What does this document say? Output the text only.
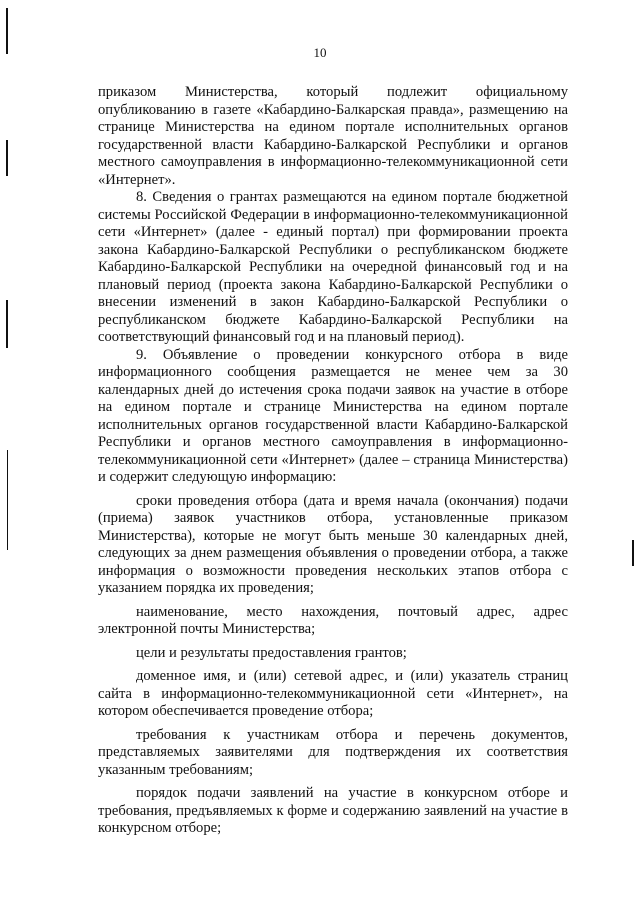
10

приказом Министерства, который подлежит официальному опубликованию в газете «Кабардино-Балкарская правда», размещению на странице Министерства на едином портале исполнительных органов государственной власти Кабардино-Балкарской Республики и органов местного самоуправления в информационно-телекоммуникационной сети «Интернет».

8. Сведения о грантах размещаются на едином портале бюджетной системы Российской Федерации в информационно-телекоммуникационной сети «Интернет» (далее - единый портал) при формировании проекта закона Кабардино-Балкарской Республики о республиканском бюджете Кабардино-Балкарской Республики на очередной финансовый год и на плановый период (проекта закона Кабардино-Балкарской Республики о внесении изменений в закон Кабардино-Балкарской Республики о республиканском бюджете Кабардино-Балкарской Республики на соответствующий финансовый год и на плановый период).

9. Объявление о проведении конкурсного отбора в виде информационного сообщения размещается не менее чем за 30 календарных дней до истечения срока подачи заявок на участие в отборе на едином портале и странице Министерства на едином портале исполнительных органов государственной власти Кабардино-Балкарской Республики и органов местного самоуправления в информационно-телекоммуникационной сети «Интернет» (далее – страница Министерства) и содержит следующую информацию:

сроки проведения отбора (дата и время начала (окончания) подачи (приема) заявок участников отбора, установленные приказом Министерства), которые не могут быть меньше 30 календарных дней, следующих за днем размещения объявления о проведении отбора, а также информация о возможности проведения нескольких этапов отбора с указанием порядка их проведения;

наименование, место нахождения, почтовый адрес, адрес электронной почты Министерства;

цели и результаты предоставления грантов;

доменное имя, и (или) сетевой адрес, и (или) указатель страниц сайта в информационно-телекоммуникационной сети «Интернет», на котором обеспечивается проведение отбора;

требования к участникам отбора и перечень документов, представляемых заявителями для подтверждения их соответствия указанным требованиям;

порядок подачи заявлений на участие в конкурсном отборе и требования, предъявляемых к форме и содержанию заявлений на участие в конкурсном отборе;
